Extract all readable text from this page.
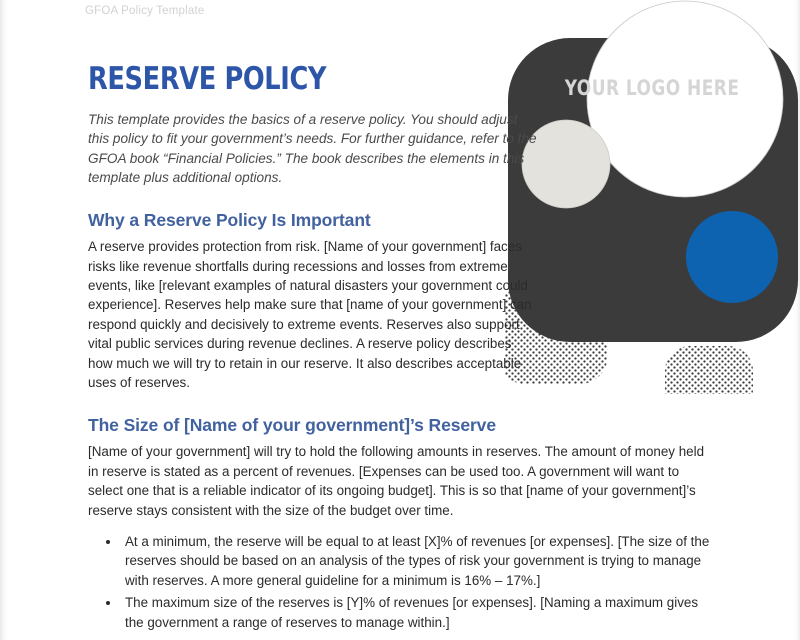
YOUR LOGO HERE
GFOA Policy Template
RESERVE POLICY

This template provides the basics of a reserve policy. You should adjust this policy to fit your government’s needs. For further guidance, refer to the GFOA book “Financial Policies.” The book describes the elements in this template plus additional options.

Why a Reserve Policy Is Important

A reserve provides protection from risk. [Name of your government] faces risks like revenue shortfalls during recessions and losses from extreme events, like [relevant examples of natural disasters your government could experience]. Reserves help make sure that [name of your government] can respond quickly and decisively to extreme events. Reserves also support vital public services during revenue declines. A reserve policy describes how much we will try to retain in our reserve. It also describes acceptable uses of reserves.

The Size of [Name of your government]’s Reserve

[Name of your government] will try to hold the following amounts in reserves. The amount of money held in reserve is stated as a percent of revenues. [Expenses can be used too. A government will want to select one that is a reliable indicator of its ongoing budget]. This is so that [name of your government]’s reserve stays consistent with the size of the budget over time.

At a minimum, the reserve will be equal to at least [X]% of revenues [or expenses]. [The size of the reserves should be based on an analysis of the types of risk your government is trying to manage with reserves. A more general guideline for a minimum is 16% – 17%.]
The maximum size of the reserves is [Y]% of revenues [or expenses]. [Naming a maximum gives the government a range of reserves to manage within.]
